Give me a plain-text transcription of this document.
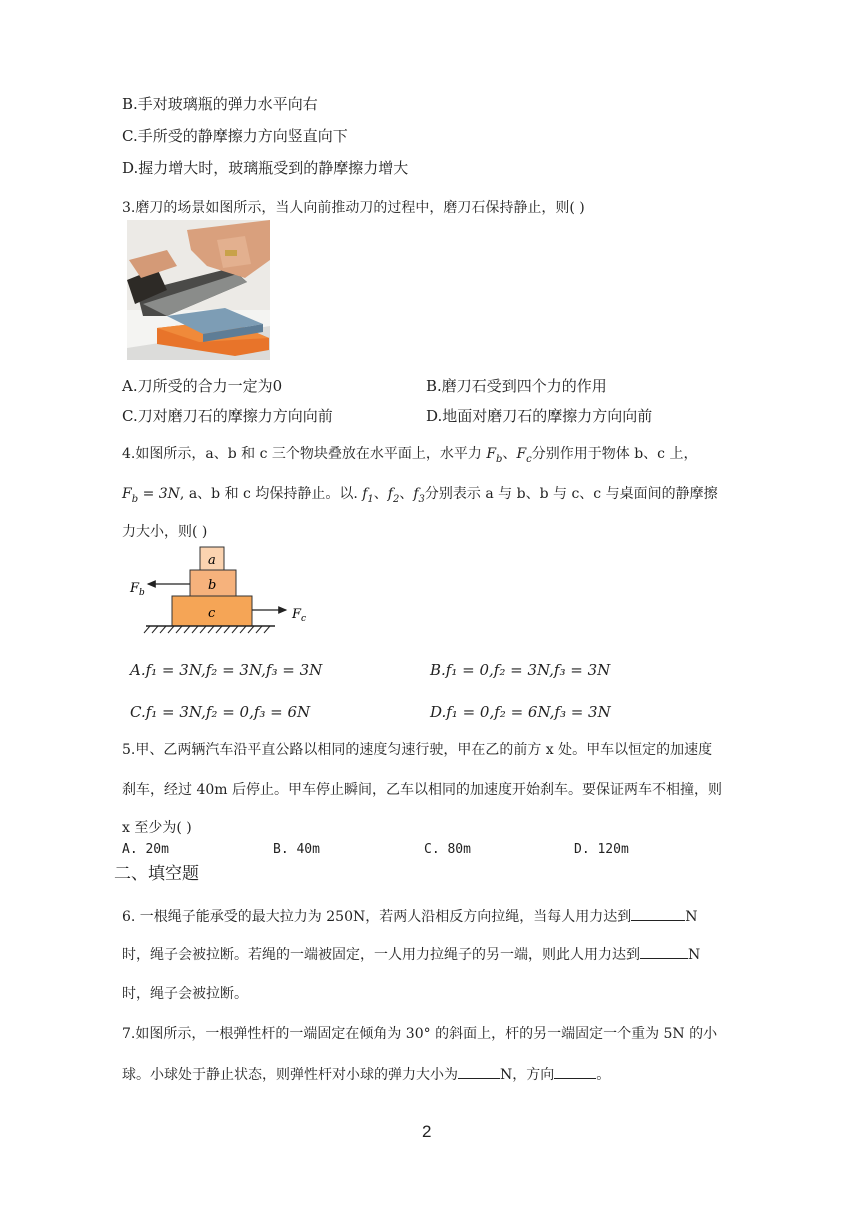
B.手对玻璃瓶的弹力水平向右
C.手所受的静摩擦力方向竖直向下
D.握力增大时，玻璃瓶受到的静摩擦力增大
3.磨刀的场景如图所示，当人向前推动刀的过程中，磨刀石保持静止，则( )
A.刀所受的合力一定为0	B.磨刀石受到四个力的作用
C.刀对磨刀石的摩擦力方向向前	D.地面对磨刀石的摩擦力方向向前
4.如图所示，a、b 和 c 三个物块叠放在水平面上，水平力 $F_b$、$F_c$分别作用于物体 b、c 上，
$F_b = 3N$, a、b 和 c 均保持静止。以. $f_1$、$f_2$、$f_3$分别表示 a 与 b、b 与 c、c 与桌面间的静摩擦
力大小，则( )
a
b
c
$F_b$
$F_c$
A.f₁ = 3N,f₂ = 3N,f₃ = 3N	B.f₁ = 0,f₂ = 3N,f₃ = 3N
C.f₁ = 3N,f₂ = 0,f₃ = 6N	D.f₁ = 0,f₂ = 6N,f₃ = 3N
5.甲、乙两辆汽车沿平直公路以相同的速度匀速行驶，甲在乙的前方 x 处。甲车以恒定的加速度
刹车，经过 40m 后停止。甲车停止瞬间，乙车以相同的加速度开始刹车。要保证两车不相撞，则
x 至少为( )
A. 20m	B. 40m	C. 80m	D. 120m
二、填空题
6. 一根绳子能承受的最大拉力为 250N，若两人沿相反方向拉绳，当每人用力达到	N
时，绳子会被拉断。若绳的一端被固定，一人用力拉绳子的另一端，则此人用力达到	N
时，绳子会被拉断。
7.如图所示，一根弹性杆的一端固定在倾角为 30° 的斜面上，杆的另一端固定一个重为 5N 的小
球。小球处于静止状态，则弹性杆对小球的弹力大小为	N，方向	。
2
